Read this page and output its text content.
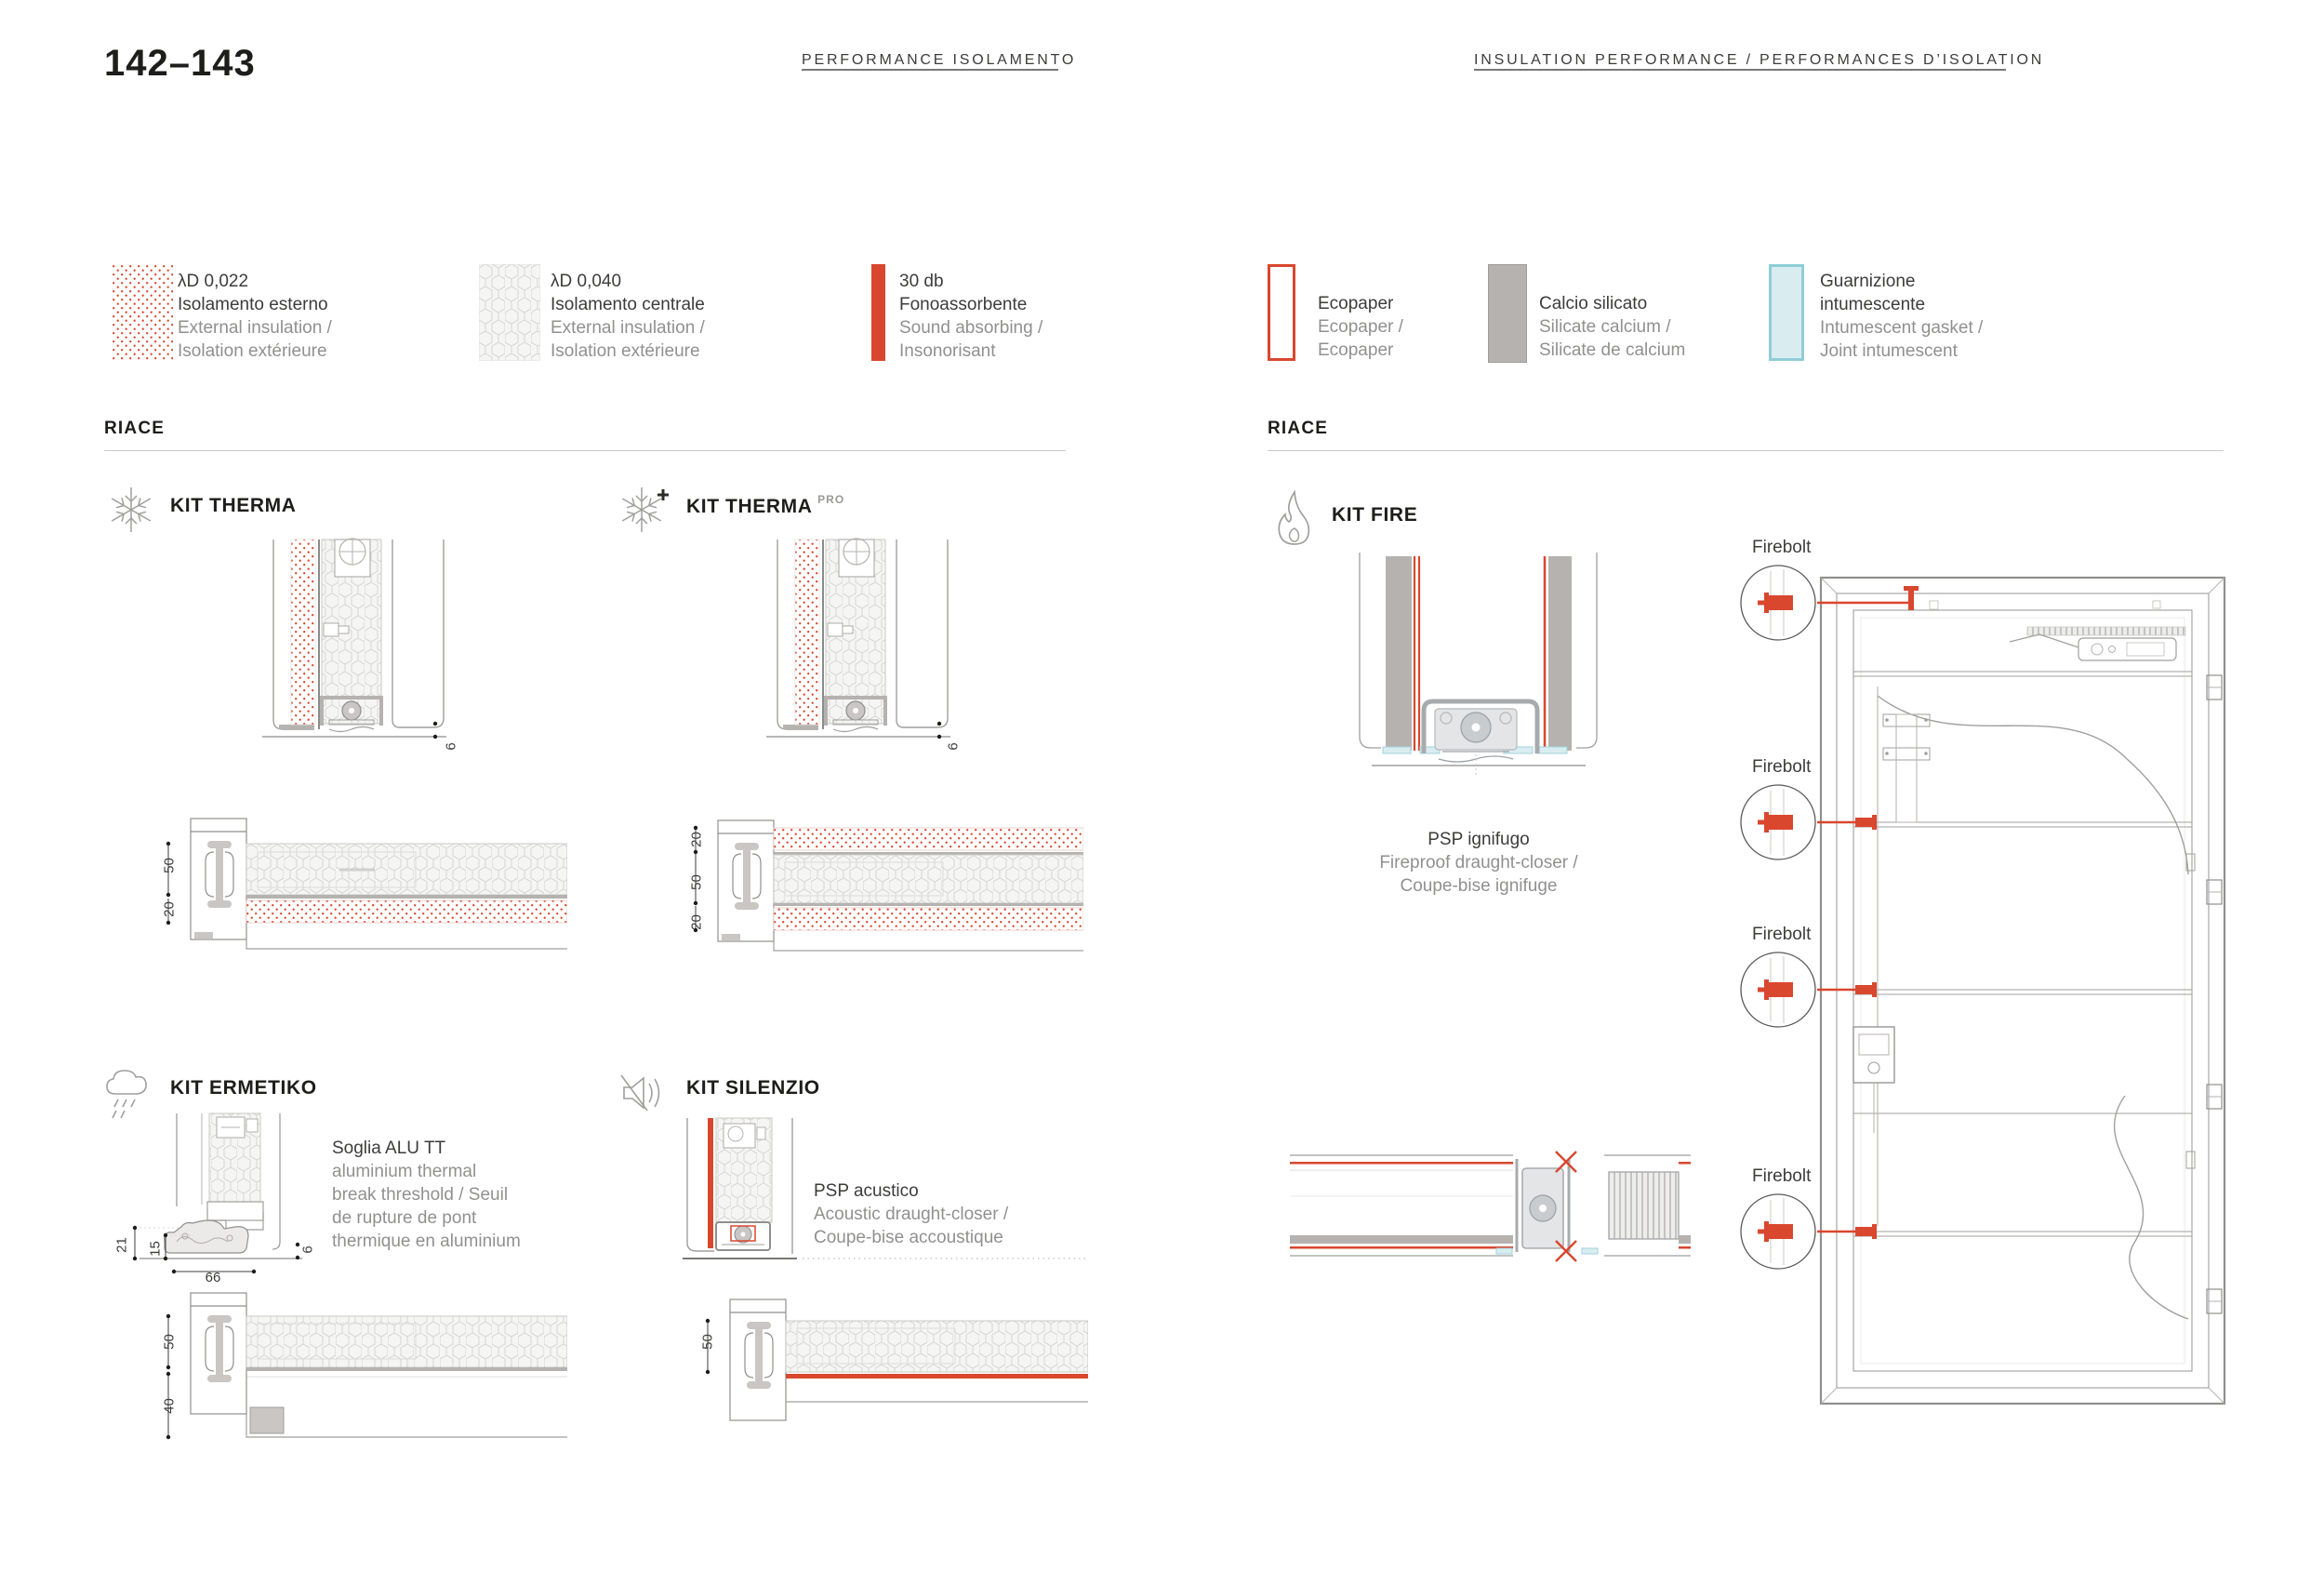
142–143	PERFORMANCE ISOLAMENTO	INSULATION PERFORMANCE / PERFORMANCES D’ISOLATION
λD 0,022
Isolamento esterno
External insulation /
Isolation extérieure
λD 0,040
Isolamento centrale
External insulation /
Isolation extérieure
30 db
Fonoassorbente
Sound absorbing /
Insonorisant
Ecopaper
Ecopaper /
Ecopaper
Calcio silicato
Silicate calcium /
Silicate de calcium
Guarnizione intumescente
Intumescent gasket /
Joint intumescent
RIACE	RIACE
KIT THERMA
6
50
20
KIT THERMA $^{PRO}$
6
20
50
20
KIT ERMETIKO
Soglia ALU TT
aluminium thermal
break threshold / Seuil
de rupture de pont
thermique en aluminium
21 15
66
6
50
40
KIT SILENZIO
PSP acustico
Acoustic draught-closer /
Coupe-bise accoustique
50
KIT FIRE
PSP ignifugo
Fireproof draught-closer /
Coupe-bise ignifuge
Firebolt
Firebolt
Firebolt
Firebolt
